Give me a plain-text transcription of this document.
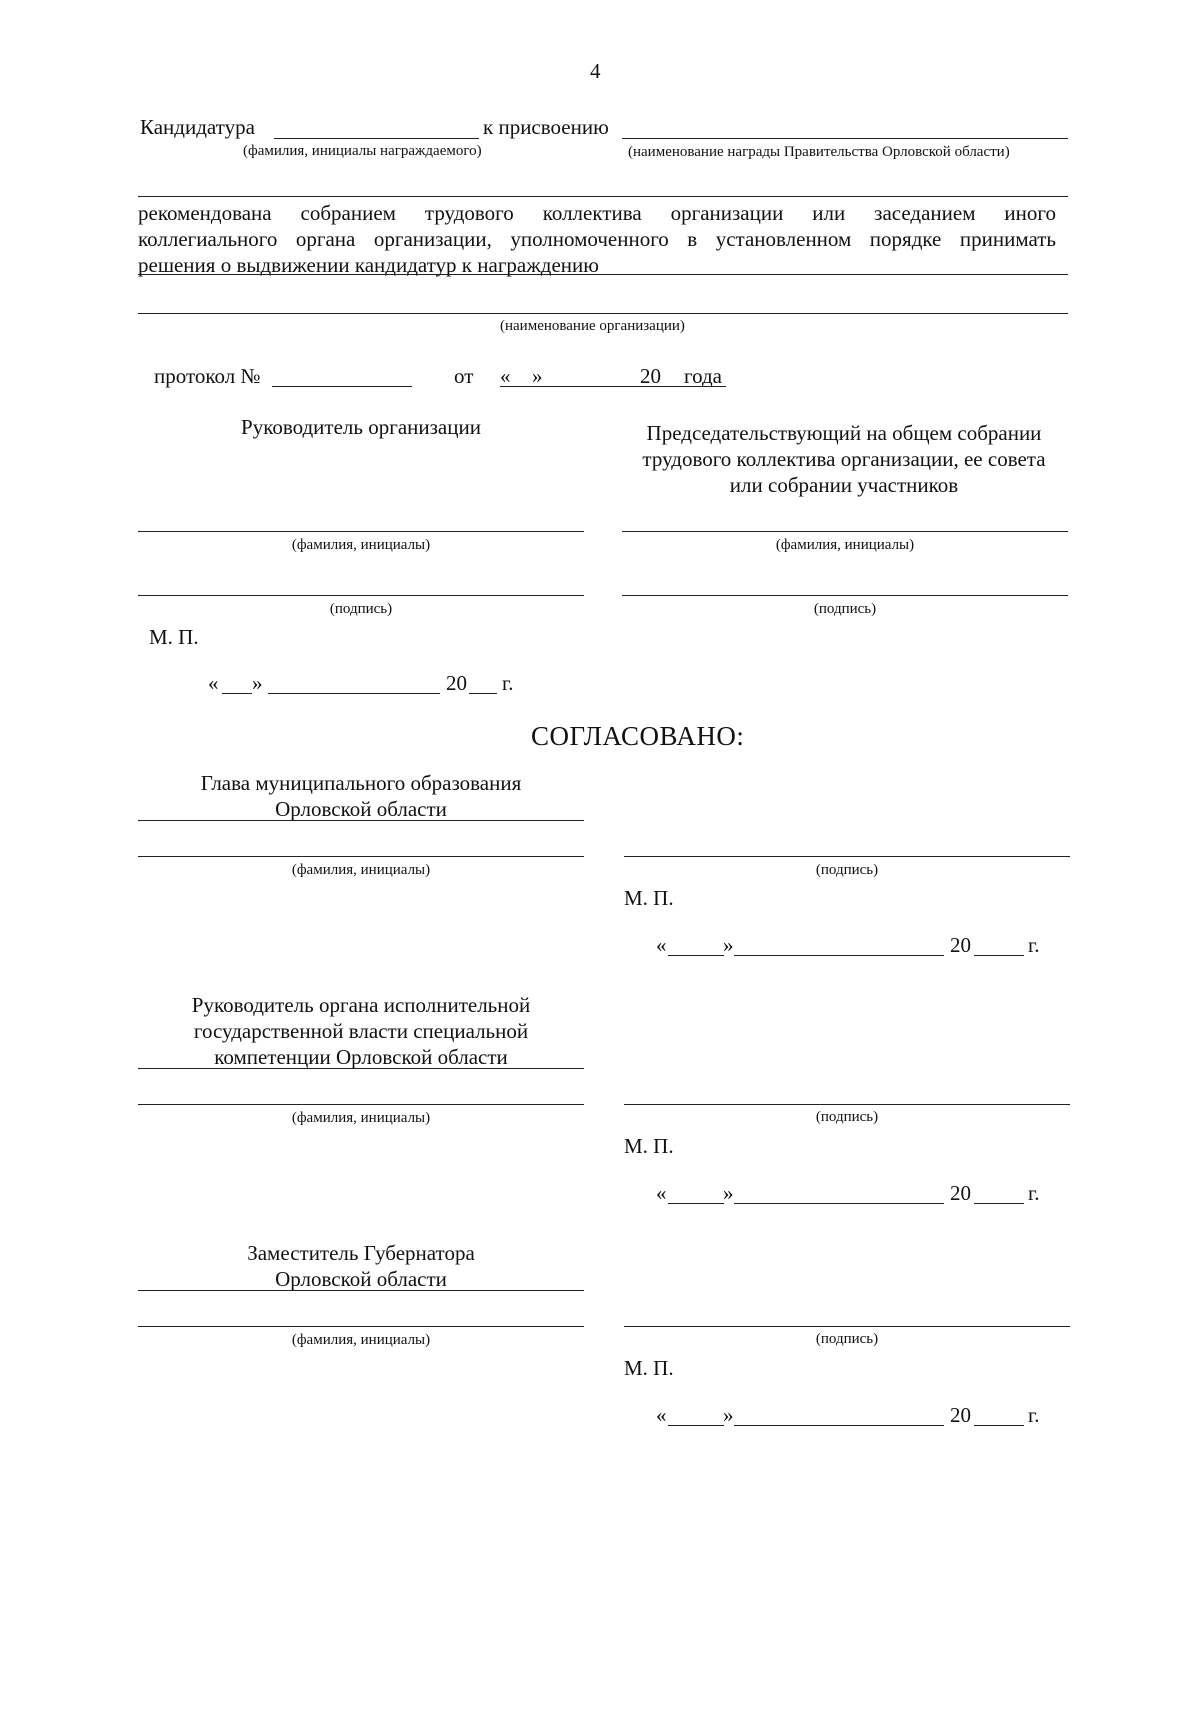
4
Кандидатура	к присвоению
(фамилия, инициалы награждаемого)	(наименование награды Правительства Орловской области)
рекомендована собранием трудового коллектива организации или заседанием иного
коллегиального органа организации, уполномоченного в установленном порядке принимать
решения о выдвижении кандидатур к награждению
(наименование организации)
протокол №	от « »	20 года
Руководитель организации	Председательствующий на общем собрании
трудового коллектива организации, ее совета
или собрании участников
(фамилия, инициалы)	(фамилия, инициалы)
(подпись)	(подпись)
М. П.
« »	20 г.
СОГЛАСОВАНО:
Глава муниципального образования
Орловской области
(фамилия, инициалы)	(подпись)
М. П.
«	»	20	г.
Руководитель органа исполнительной
государственной власти специальной
компетенции Орловской области
(фамилия, инициалы)	(подпись)
М. П.
«	»	20	г.
Заместитель Губернатора
Орловской области
(фамилия, инициалы)	(подпись)
М. П.
«	»	20	г.
